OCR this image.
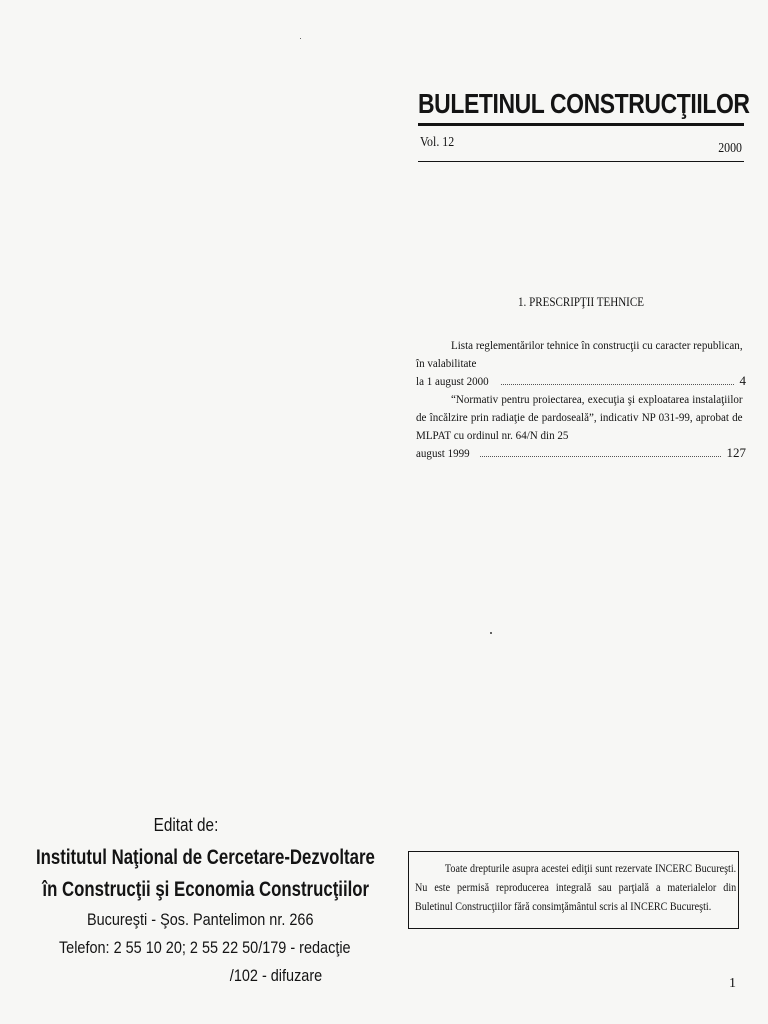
BULETINUL CONSTRUCŢIILOR
Vol. 12	2000
1. PRESCRIPŢII TEHNICE
Lista reglementărilor tehnice în construcţii cu caracter republican, în valabilitate
la 1 august 2000	4
“Normativ pentru proiectarea, execuţia şi exploatarea instalaţiilor de încălzire prin radiaţie de pardoseală”, indicativ NP 031-99, aprobat de MLPAT cu ordinul nr. 64/N din 25
august 1999	127
Editat de:
Institutul Naţional de Cercetare-Dezvoltare
în Construcţii şi Economia Construcţiilor
Bucureşti - Şos. Pantelimon nr. 266
Telefon: 2 55 10 20; 2 55 22 50/179 - redacţie
/102 - difuzare
Toate drepturile asupra acestei ediţii sunt rezervate INCERC Bucureşti. Nu este permisă reproducerea integrală sau parţială a materialelor din Buletinul Construcţiilor fără consimţământul scris al INCERC Bucureşti.
1
